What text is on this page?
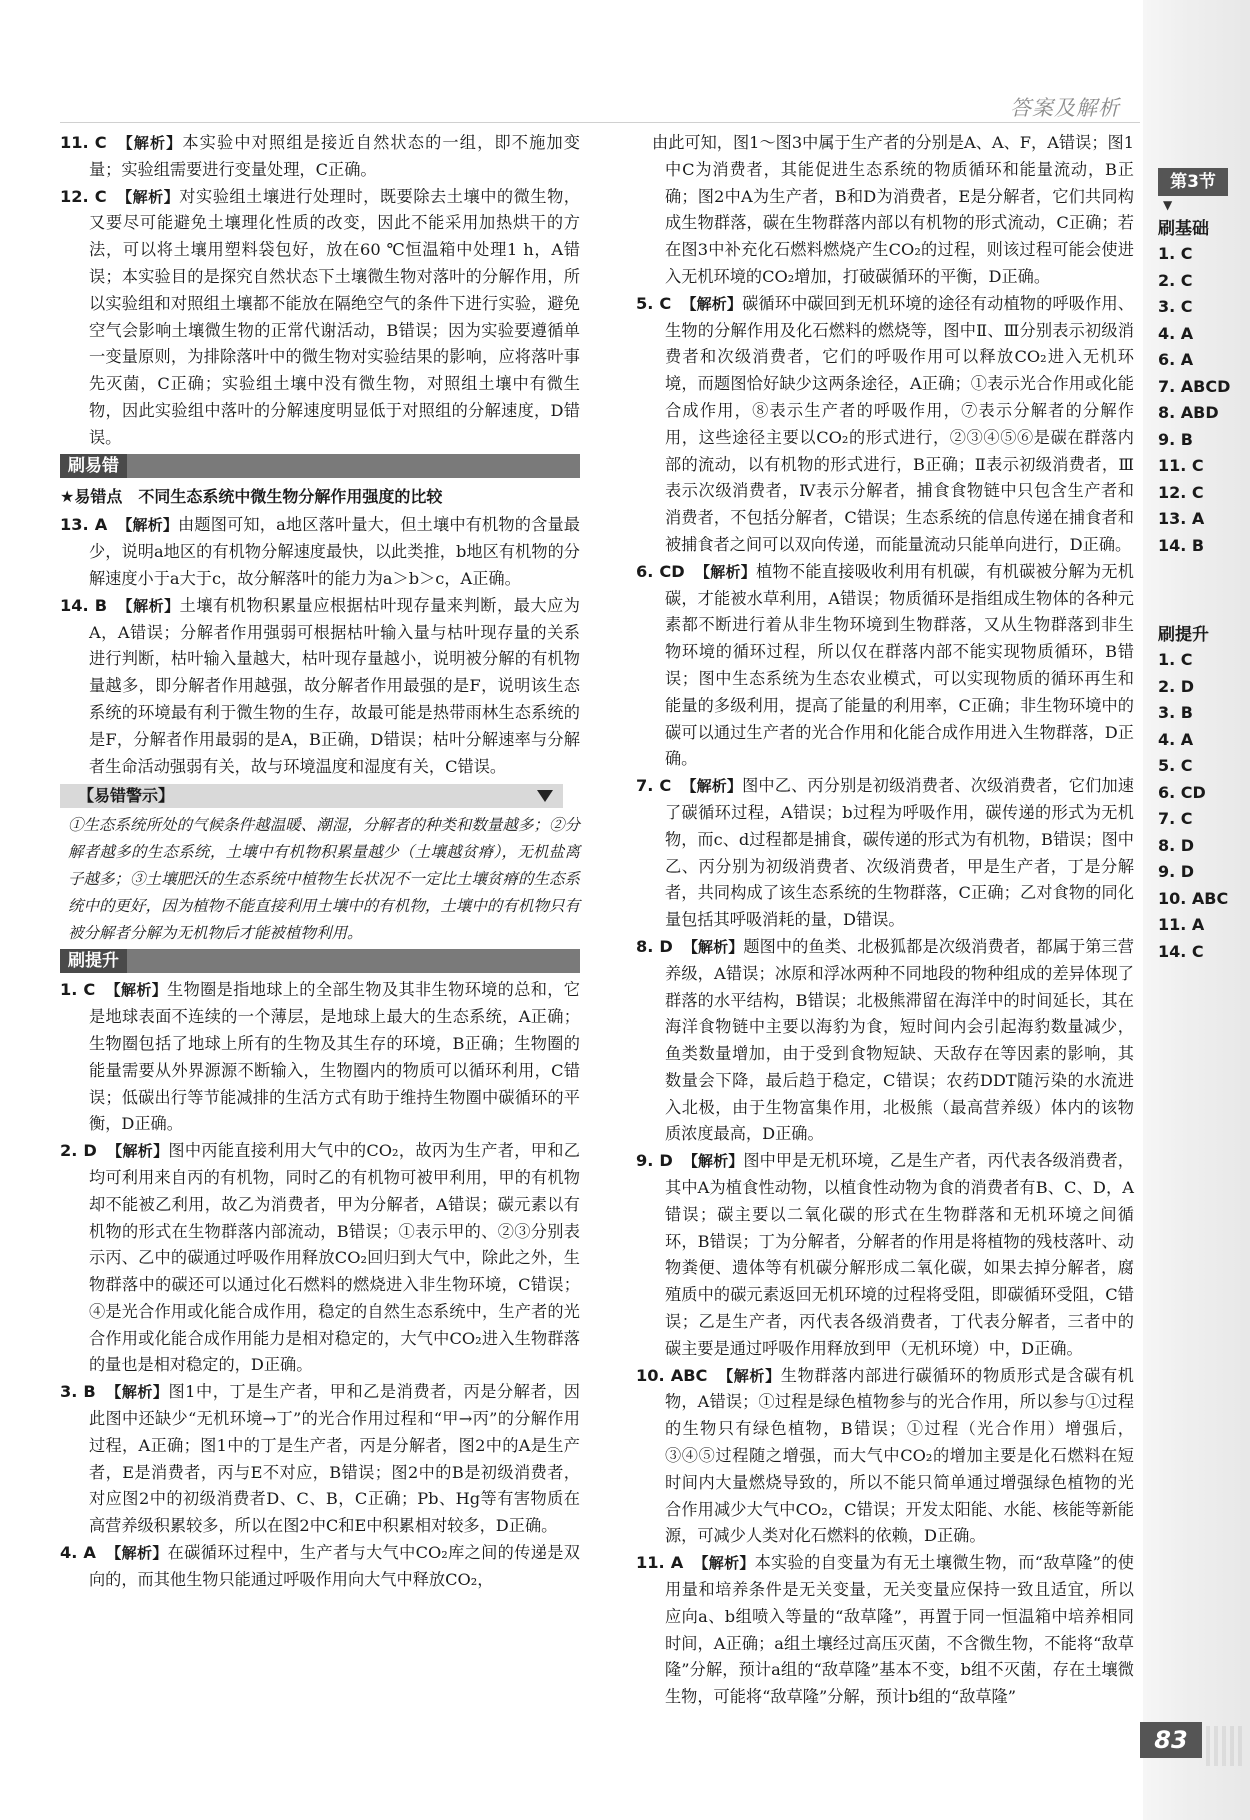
答案及解析
11. C 【解析】本实验中对照组是接近自然状态的一组，即不施加变量；实验组需要进行变量处理，C正确。
12. C 【解析】对实验组土壤进行处理时，既要除去土壤中的微生物，又要尽可能避免土壤理化性质的改变，因此不能采用加热烘干的方法，可以将土壤用塑料袋包好，放在60 ℃恒温箱中处理1 h，A错误；本实验目的是探究自然状态下土壤微生物对落叶的分解作用，所以实验组和对照组土壤都不能放在隔绝空气的条件下进行实验，避免空气会影响土壤微生物的正常代谢活动，B错误；因为实验要遵循单一变量原则，为排除落叶中的微生物对实验结果的影响，应将落叶事先灭菌，C正确；实验组土壤中没有微生物，对照组土壤中有微生物，因此实验组中落叶的分解速度明显低于对照组的分解速度，D错误。
刷易错
★易错点　不同生态系统中微生物分解作用强度的比较
13. A 【解析】由题图可知，a地区落叶量大，但土壤中有机物的含量最少，说明a地区的有机物分解速度最快，以此类推，b地区有机物的分解速度小于a大于c，故分解落叶的能力为a＞b＞c，A正确。
14. B 【解析】土壤有机物积累量应根据枯叶现存量来判断，最大应为A，A错误；分解者作用强弱可根据枯叶输入量与枯叶现存量的关系进行判断，枯叶输入量越大，枯叶现存量越小，说明被分解的有机物量越多，即分解者作用越强，故分解者作用最强的是F，说明该生态系统的环境最有利于微生物的生存，故最可能是热带雨林生态系统的是F，分解者作用最弱的是A，B正确，D错误；枯叶分解速率与分解者生命活动强弱有关，故与环境温度和湿度有关，C错误。
【易错警示】
①生态系统所处的气候条件越温暖、潮湿，分解者的种类和数量越多；②分解者越多的生态系统，土壤中有机物积累量越少（土壤越贫瘠），无机盐离子越多；③土壤肥沃的生态系统中植物生长状况不一定比土壤贫瘠的生态系统中的更好，因为植物不能直接利用土壤中的有机物，土壤中的有机物只有被分解者分解为无机物后才能被植物利用。
刷提升
1. C 【解析】生物圈是指地球上的全部生物及其非生物环境的总和，它是地球表面不连续的一个薄层，是地球上最大的生态系统，A正确；生物圈包括了地球上所有的生物及其生存的环境，B正确；生物圈的能量需要从外界源源不断输入，生物圈内的物质可以循环利用，C错误；低碳出行等节能减排的生活方式有助于维持生物圈中碳循环的平衡，D正确。
2. D 【解析】图中丙能直接利用大气中的CO₂，故丙为生产者，甲和乙均可利用来自丙的有机物，同时乙的有机物可被甲利用，甲的有机物却不能被乙利用，故乙为消费者，甲为分解者，A错误；碳元素以有机物的形式在生物群落内部流动，B错误；①表示甲的、②③分别表示丙、乙中的碳通过呼吸作用释放CO₂回归到大气中，除此之外，生物群落中的碳还可以通过化石燃料的燃烧进入非生物环境，C错误；④是光合作用或化能合成作用，稳定的自然生态系统中，生产者的光合作用或化能合成作用能力是相对稳定的，大气中CO₂进入生物群落的量也是相对稳定的，D正确。
3. B 【解析】图1中，丁是生产者，甲和乙是消费者，丙是分解者，因此图中还缺少“无机环境→丁”的光合作用过程和“甲→丙”的分解作用过程，A正确；图1中的丁是生产者，丙是分解者，图2中的A是生产者，E是消费者，丙与E不对应，B错误；图2中的B是初级消费者，对应图2中的初级消费者D、C、B，C正确；Pb、Hg等有害物质在高营养级积累较多，所以在图2中C和E中积累相对较多，D正确。
4. A 【解析】在碳循环过程中，生产者与大气中CO₂库之间的传递是双向的，而其他生物只能通过呼吸作用向大气中释放CO₂，
由此可知，图1～图3中属于生产者的分别是A、A、F，A错误；图1中C为消费者，其能促进生态系统的物质循环和能量流动，B正确；图2中A为生产者，B和D为消费者，E是分解者，它们共同构成生物群落，碳在生物群落内部以有机物的形式流动，C正确；若在图3中补充化石燃料燃烧产生CO₂的过程，则该过程可能会使进入无机环境的CO₂增加，打破碳循环的平衡，D正确。
5. C 【解析】碳循环中碳回到无机环境的途径有动植物的呼吸作用、生物的分解作用及化石燃料的燃烧等，图中Ⅱ、Ⅲ分别表示初级消费者和次级消费者，它们的呼吸作用可以释放CO₂进入无机环境，而题图恰好缺少这两条途径，A正确；①表示光合作用或化能合成作用，⑧表示生产者的呼吸作用，⑦表示分解者的分解作用，这些途径主要以CO₂的形式进行，②③④⑤⑥是碳在群落内部的流动，以有机物的形式进行，B正确；Ⅱ表示初级消费者，Ⅲ表示次级消费者，Ⅳ表示分解者，捕食食物链中只包含生产者和消费者，不包括分解者，C错误；生态系统的信息传递在捕食者和被捕食者之间可以双向传递，而能量流动只能单向进行，D正确。
6. CD 【解析】植物不能直接吸收利用有机碳，有机碳被分解为无机碳，才能被水草利用，A错误；物质循环是指组成生物体的各种元素都不断进行着从非生物环境到生物群落，又从生物群落到非生物环境的循环过程，所以仅在群落内部不能实现物质循环，B错误；图中生态系统为生态农业模式，可以实现物质的循环再生和能量的多级利用，提高了能量的利用率，C正确；非生物环境中的碳可以通过生产者的光合作用和化能合成作用进入生物群落，D正确。
7. C 【解析】图中乙、丙分别是初级消费者、次级消费者，它们加速了碳循环过程，A错误；b过程为呼吸作用，碳传递的形式为无机物，而c、d过程都是捕食，碳传递的形式为有机物，B错误；图中乙、丙分别为初级消费者、次级消费者，甲是生产者，丁是分解者，共同构成了该生态系统的生物群落，C正确；乙对食物的同化量包括其呼吸消耗的量，D错误。
8. D 【解析】题图中的鱼类、北极狐都是次级消费者，都属于第三营养级，A错误；冰原和浮冰两种不同地段的物种组成的差异体现了群落的水平结构，B错误；北极熊滞留在海洋中的时间延长，其在海洋食物链中主要以海豹为食，短时间内会引起海豹数量减少，鱼类数量增加，由于受到食物短缺、天敌存在等因素的影响，其数量会下降，最后趋于稳定，C错误；农药DDT随污染的水流进入北极，由于生物富集作用，北极熊（最高营养级）体内的该物质浓度最高，D正确。
9. D 【解析】图中甲是无机环境，乙是生产者，丙代表各级消费者，其中A为植食性动物，以植食性动物为食的消费者有B、C、D，A错误；碳主要以二氧化碳的形式在生物群落和无机环境之间循环，B错误；丁为分解者，分解者的作用是将植物的残枝落叶、动物粪便、遗体等有机碳分解形成二氧化碳，如果去掉分解者，腐殖质中的碳元素返回无机环境的过程将受阻，即碳循环受阻，C错误；乙是生产者，丙代表各级消费者，丁代表分解者，三者中的碳主要是通过呼吸作用释放到甲（无机环境）中，D正确。
10. ABC 【解析】生物群落内部进行碳循环的物质形式是含碳有机物，A错误；①过程是绿色植物参与的光合作用，所以参与①过程的生物只有绿色植物，B错误；①过程（光合作用）增强后，③④⑤过程随之增强，而大气中CO₂的增加主要是化石燃料在短时间内大量燃烧导致的，所以不能只简单通过增强绿色植物的光合作用减少大气中CO₂，C错误；开发太阳能、水能、核能等新能源，可减少人类对化石燃料的依赖，D正确。
11. A 【解析】本实验的自变量为有无土壤微生物，而“敌草隆”的使用量和培养条件是无关变量，无关变量应保持一致且适宜，所以应向a、b组喷入等量的“敌草隆”，再置于同一恒温箱中培养相同时间，A正确；a组土壤经过高压灭菌，不含微生物，不能将“敌草隆”分解，预计a组的“敌草隆”基本不变，b组不灭菌，存在土壤微生物，可能将“敌草隆”分解，预计b组的“敌草隆”
第3节
▼
刷基础
1. C
2. C
3. C
4. A
6. A
7. ABCD
8. ABD
9. B
11. C
12. C
13. A
14. B
刷提升
1. C
2. D
3. B
4. A
5. C
6. CD
7. C
8. D
9. D
10. ABC
11. A
14. C
83
